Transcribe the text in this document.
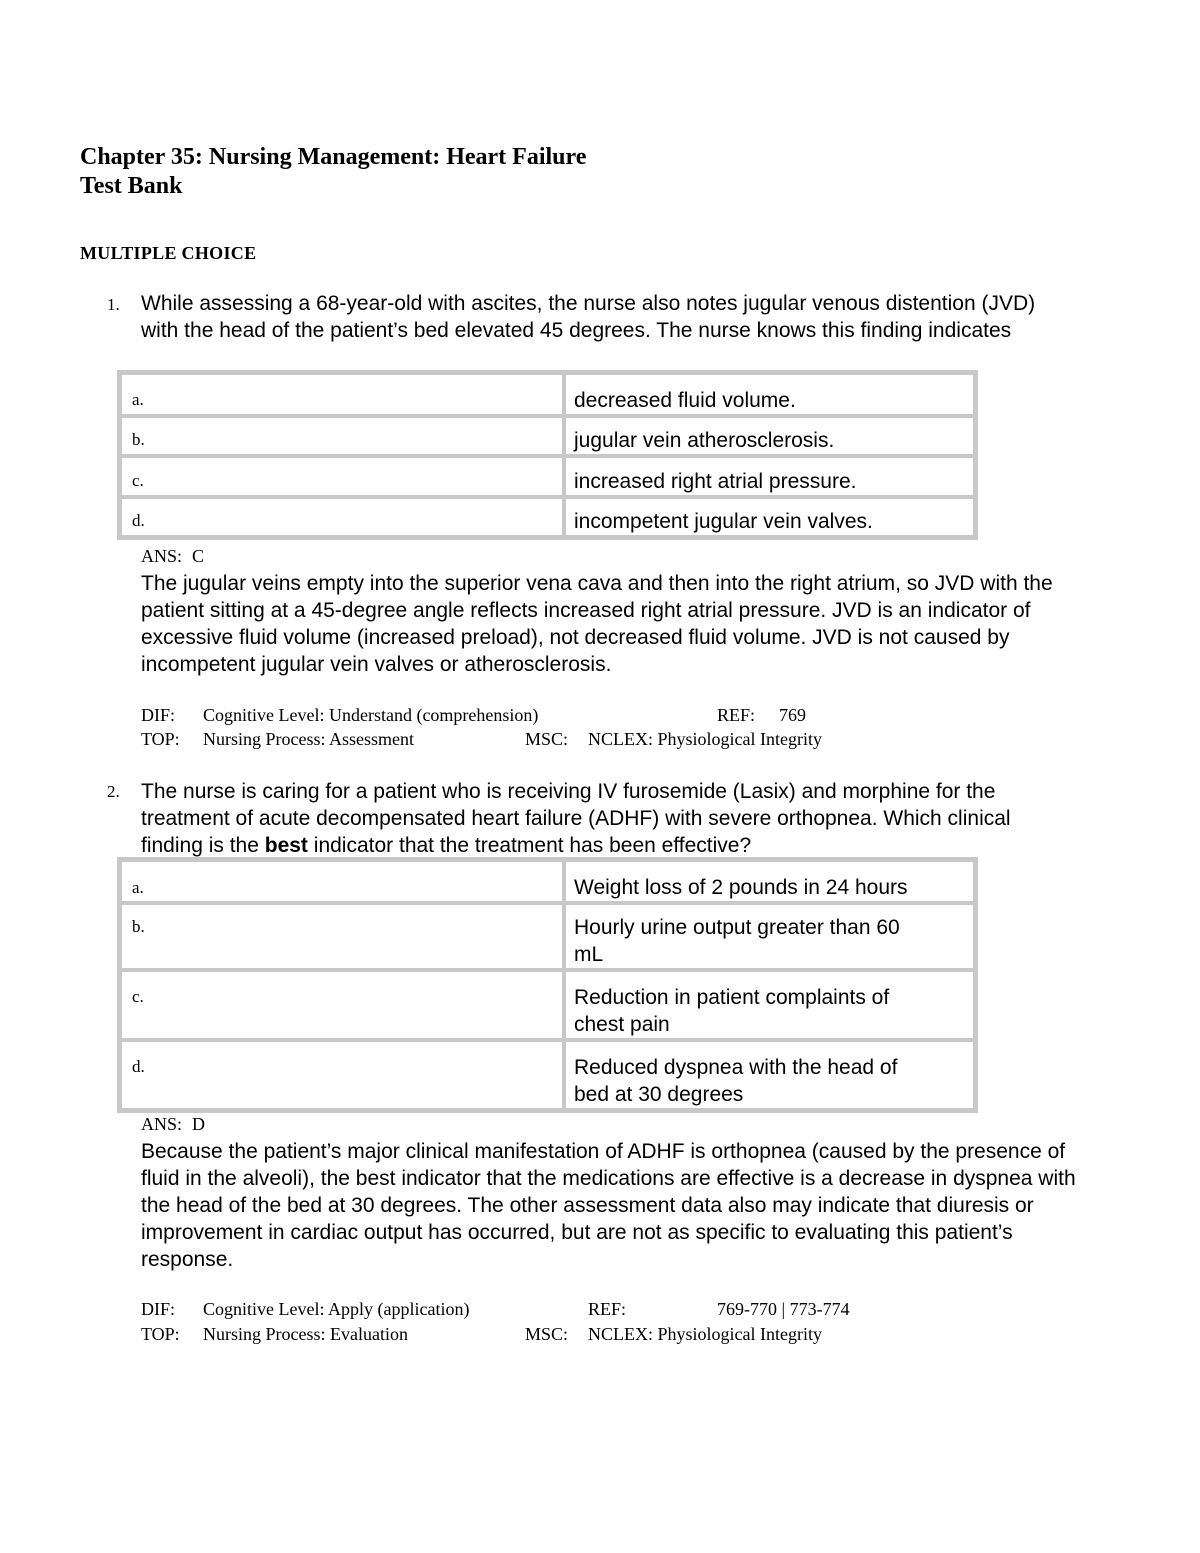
Chapter 35: Nursing Management: Heart Failure
Test Bank
MULTIPLE CHOICE
1. While assessing a 68-year-old with ascites, the nurse also notes jugular venous distention (JVD) with the head of the patient’s bed elevated 45 degrees. The nurse knows this finding indicates
a.	decreased fluid volume.
b.	jugular vein atherosclerosis.
c.	increased right atrial pressure.
d.	incompetent jugular vein valves.
ANS: C
The jugular veins empty into the superior vena cava and then into the right atrium, so JVD with the patient sitting at a 45-degree angle reflects increased right atrial pressure. JVD is an indicator of excessive fluid volume (increased preload), not decreased fluid volume. JVD is not caused by incompetent jugular vein valves or atherosclerosis.
DIF: Cognitive Level: Understand (comprehension)	REF: 769
TOP: Nursing Process: Assessment	MSC: NCLEX: Physiological Integrity
2. The nurse is caring for a patient who is receiving IV furosemide (Lasix) and morphine for the treatment of acute decompensated heart failure (ADHF) with severe orthopnea. Which clinical finding is the best indicator that the treatment has been effective?
a.	Weight loss of 2 pounds in 24 hours
b.	Hourly urine output greater than 60 mL
c.	Reduction in patient complaints of chest pain
d.	Reduced dyspnea with the head of bed at 30 degrees
ANS: D
Because the patient’s major clinical manifestation of ADHF is orthopnea (caused by the presence of fluid in the alveoli), the best indicator that the medications are effective is a decrease in dyspnea with the head of the bed at 30 degrees. The other assessment data also may indicate that diuresis or improvement in cardiac output has occurred, but are not as specific to evaluating this patient’s response.
DIF: Cognitive Level: Apply (application)	REF:	769-770 | 773-774
TOP: Nursing Process: Evaluation	MSC: NCLEX: Physiological Integrity
